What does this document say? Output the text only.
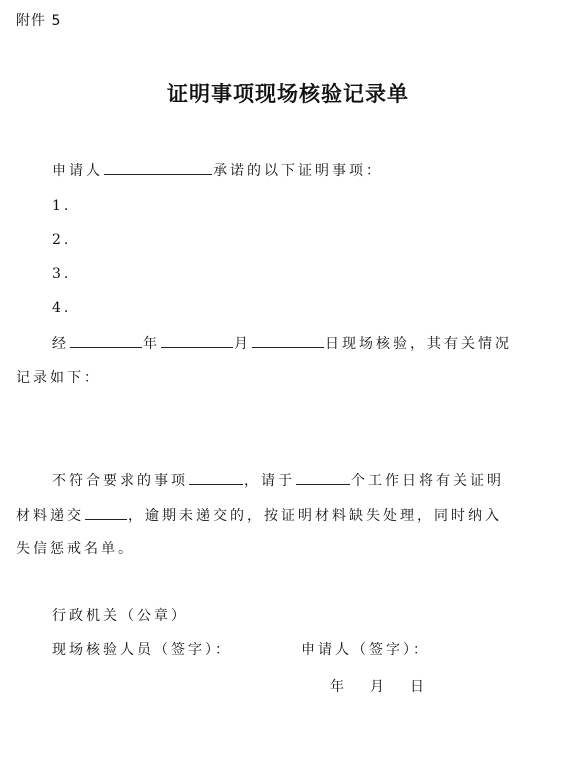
附件 5
证明事项现场核验记录单
申请人	承诺的以下证明事项：
1.
2.
3.
4.
经	年	月	日现场核验，其有关情况
记录如下：
不符合要求的事项	，请于	个工作日将有关证明
材料递交	，逾期未递交的，按证明材料缺失处理，同时纳入
失信惩戒名单。
行政机关（公章）
现场核验人员（签字）：	申请人（签字）：
年 月 日
